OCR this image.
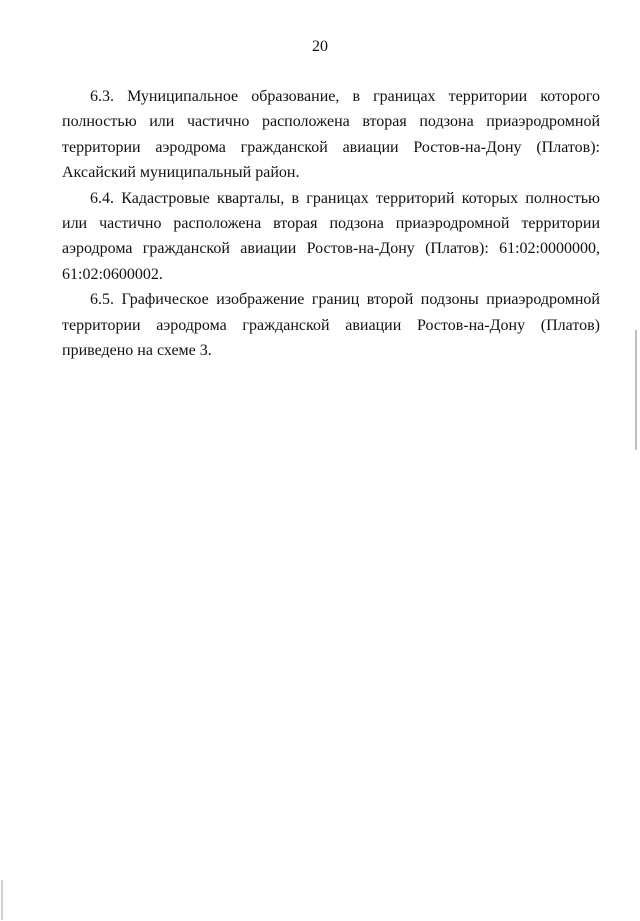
20

6.3. Муниципальное образование, в границах территории которого полностью или частично расположена вторая подзона приаэродромной территории аэродрома гражданской авиации Ростов-на-Дону (Платов): Аксайский муниципальный район.

6.4. Кадастровые кварталы, в границах территорий которых полностью или частично расположена вторая подзона приаэродромной территории аэродрома гражданской авиации Ростов-на-Дону (Платов): 61:02:0000000, 61:02:0600002.

6.5. Графическое изображение границ второй подзоны приаэродромной территории аэродрома гражданской авиации Ростов-на-Дону (Платов) приведено на схеме 3.
